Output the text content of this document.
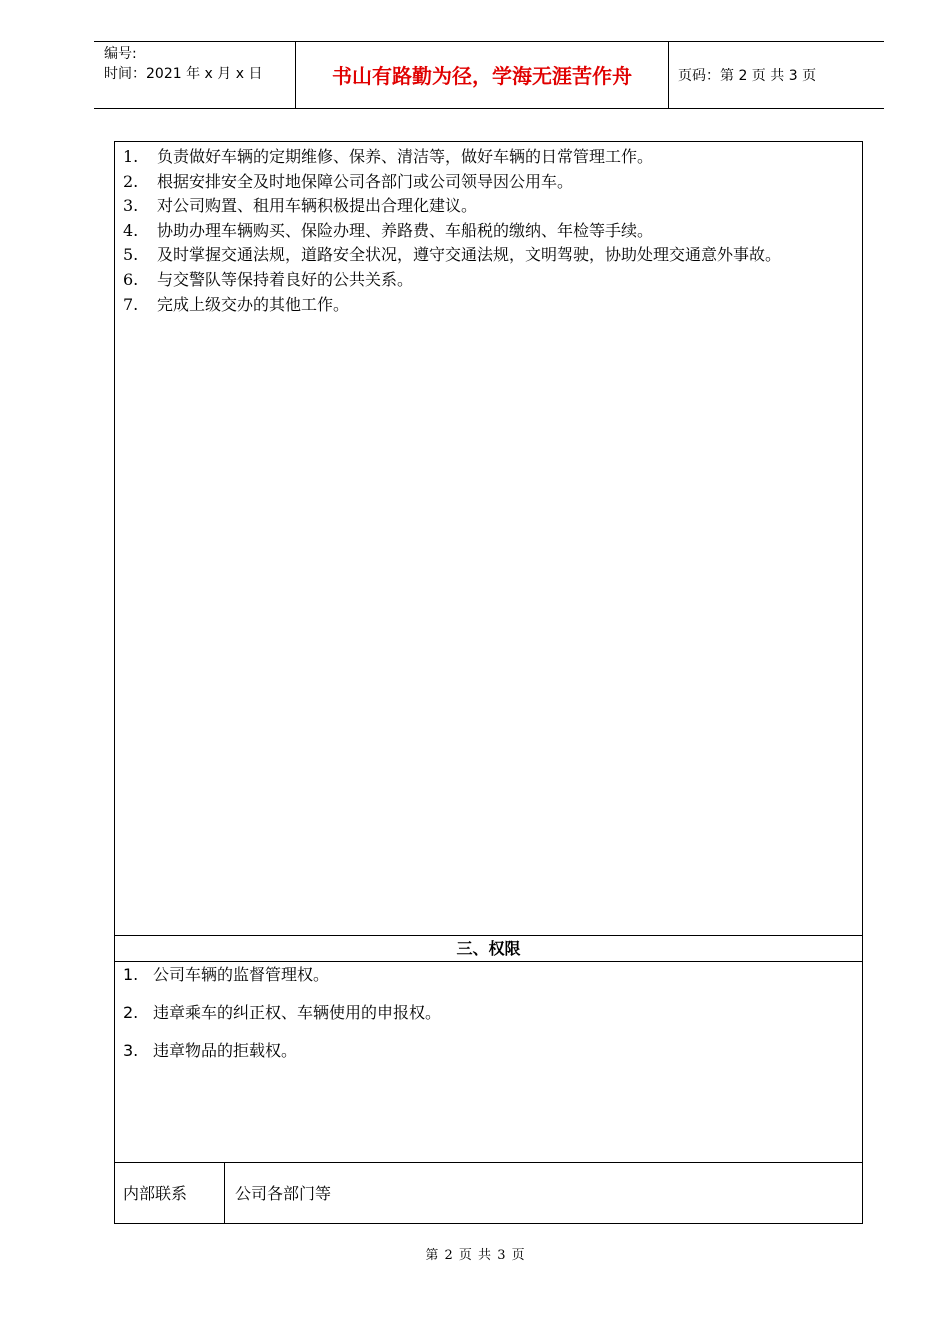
编号:
时间：2021 年 x 月 x 日	书山有路勤为径，学海无涯苦作舟	页码：第 2 页 共 3 页
1. 负责做好车辆的定期维修、保养、清洁等，做好车辆的日常管理工作。
2. 根据安排安全及时地保障公司各部门或公司领导因公用车。
3. 对公司购置、租用车辆积极提出合理化建议。
4. 协助办理车辆购买、保险办理、养路费、车船税的缴纳、年检等手续。
5. 及时掌握交通法规，道路安全状况，遵守交通法规，文明驾驶，协助处理交通意外事故。
6. 与交警队等保持着良好的公共关系。
7. 完成上级交办的其他工作。
三、权限
1. 公司车辆的监督管理权。
2. 违章乘车的纠正权、车辆使用的申报权。
3. 违章物品的拒载权。
内部联系	公司各部门等
第 2 页 共 3 页
